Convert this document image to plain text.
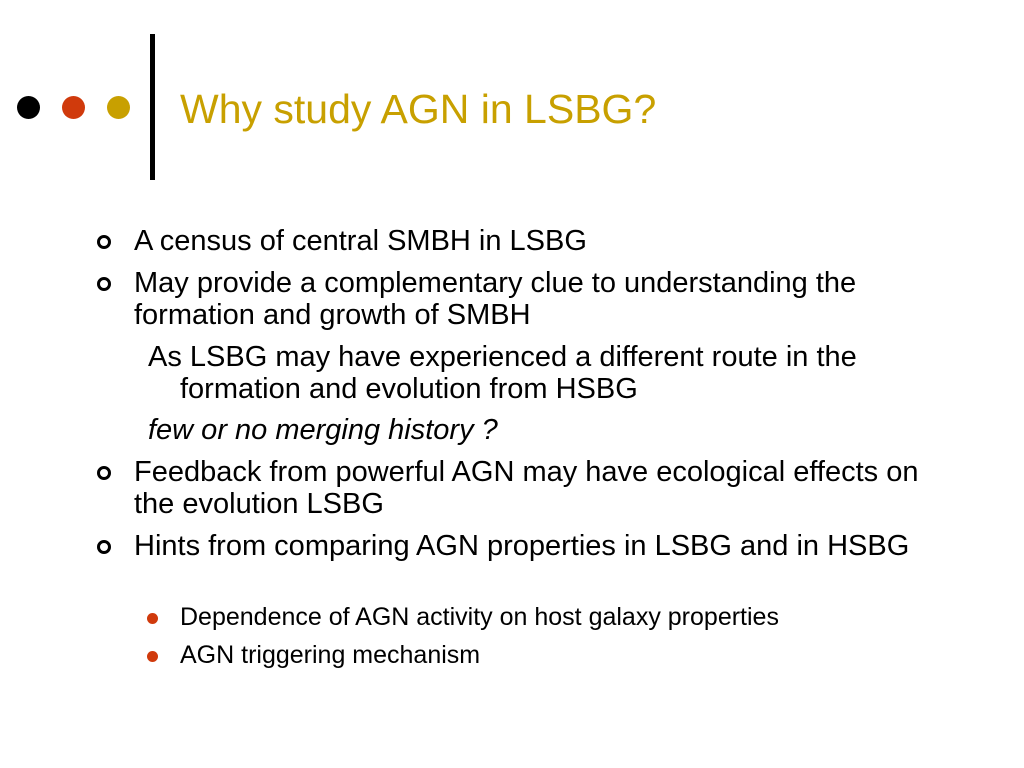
Why study AGN in LSBG?
A census of central SMBH in LSBG
May provide a complementary clue to understanding the formation and growth of SMBH
As LSBG may have experienced a different route in the formation and evolution from HSBG
few or no merging history ?
Feedback from powerful AGN may have ecological effects on the evolution LSBG
Hints from comparing AGN properties in LSBG and in HSBG
Dependence of AGN activity on host galaxy properties
AGN triggering mechanism
